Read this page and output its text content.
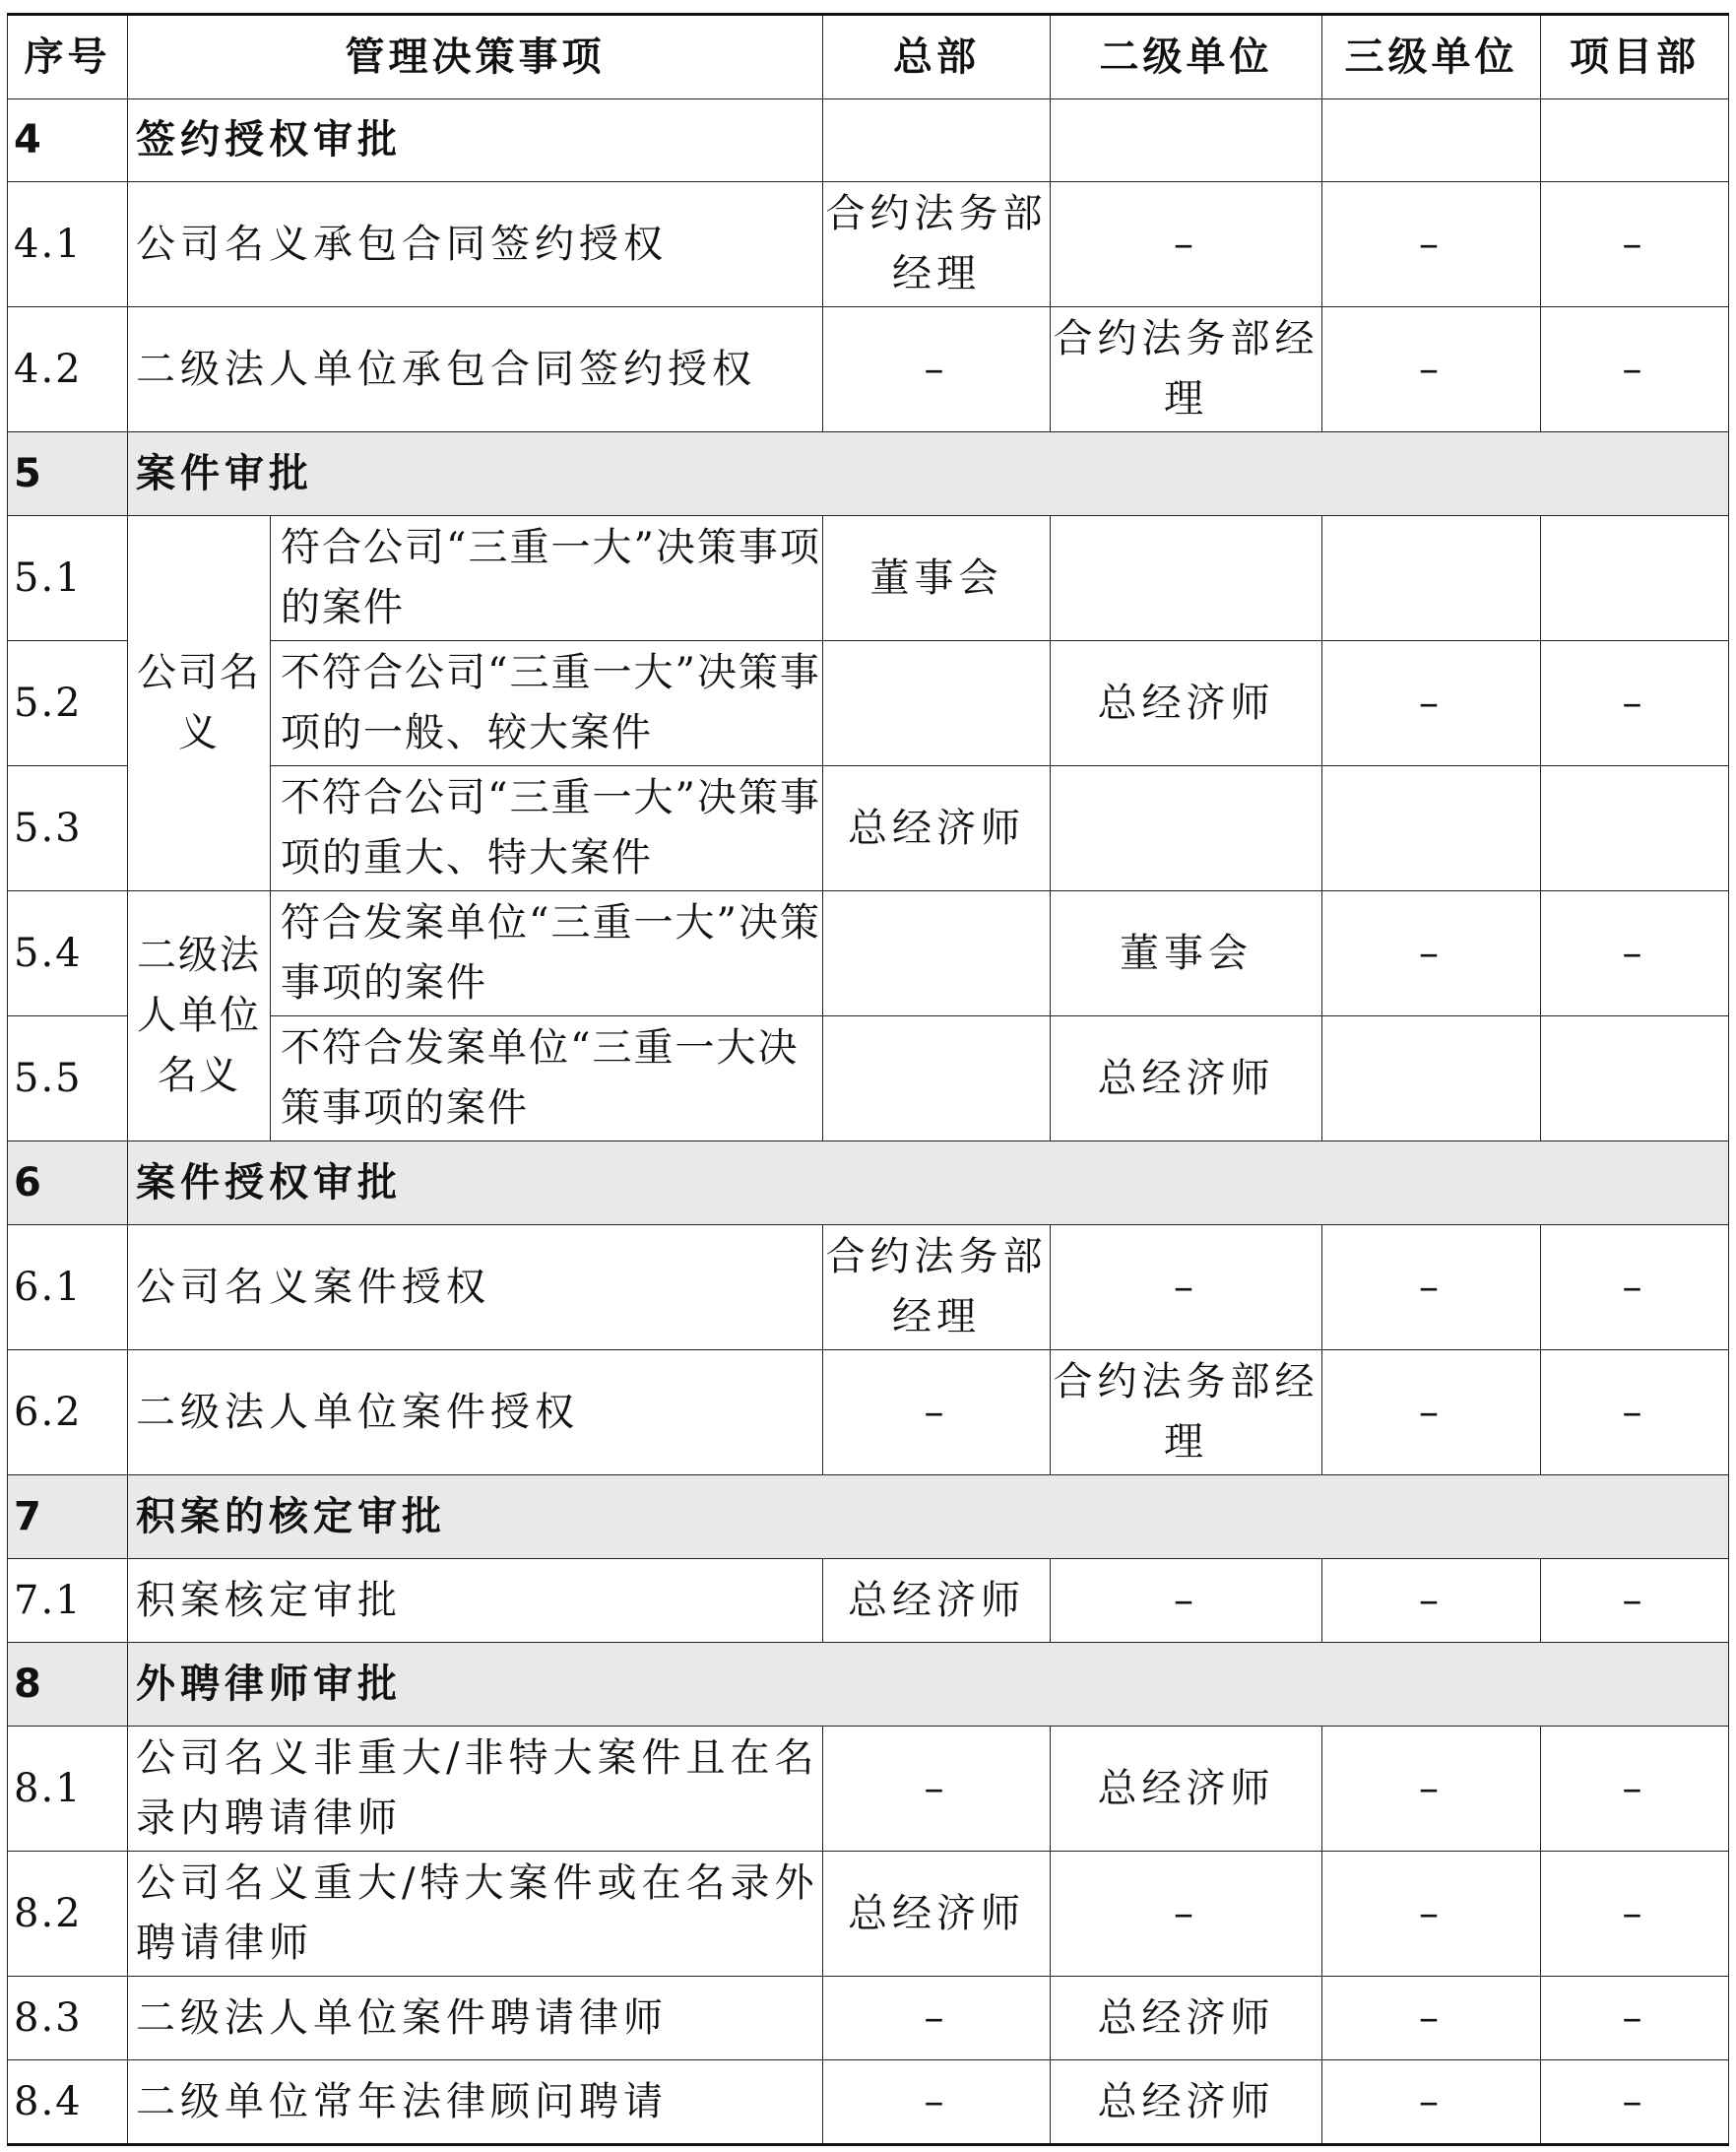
序号	管理决策事项		总部	二级单位	三级单位	项目部
4	签约授权审批					
4.1	公司名义承包合同签约授权		合约法务部经理	–	–	–
4.2	二级法人单位承包合同签约授权		–	合约法务部经理	–	–
5	案件审批					
5.1	公司名义	符合公司“三重一大”决策事项的案件	董事会			
5.2		不符合公司“三重一大”决策事项的一般、较大案件		总经济师	–	–
5.3		不符合公司“三重一大”决策事项的重大、特大案件	总经济师			
5.4	二级法人单位名义	符合发案单位“三重一大”决策事项的案件		董事会	–	–
5.5		不符合发案单位“三重一大决策事项的案件		总经济师		
6	案件授权审批					
6.1	公司名义案件授权		合约法务部经理	–	–	–
6.2	二级法人单位案件授权		–	合约法务部经理	–	–
7	积案的核定审批					
7.1	积案核定审批		总经济师	–	–	–
8	外聘律师审批					
8.1	公司名义非重大/非特大案件且在名录内聘请律师		–	总经济师	–	–
8.2	公司名义重大/特大案件或在名录外聘请律师		总经济师	–	–	–
8.3	二级法人单位案件聘请律师		–	总经济师	–	–
8.4	二级单位常年法律顾问聘请		–	总经济师	–	–
